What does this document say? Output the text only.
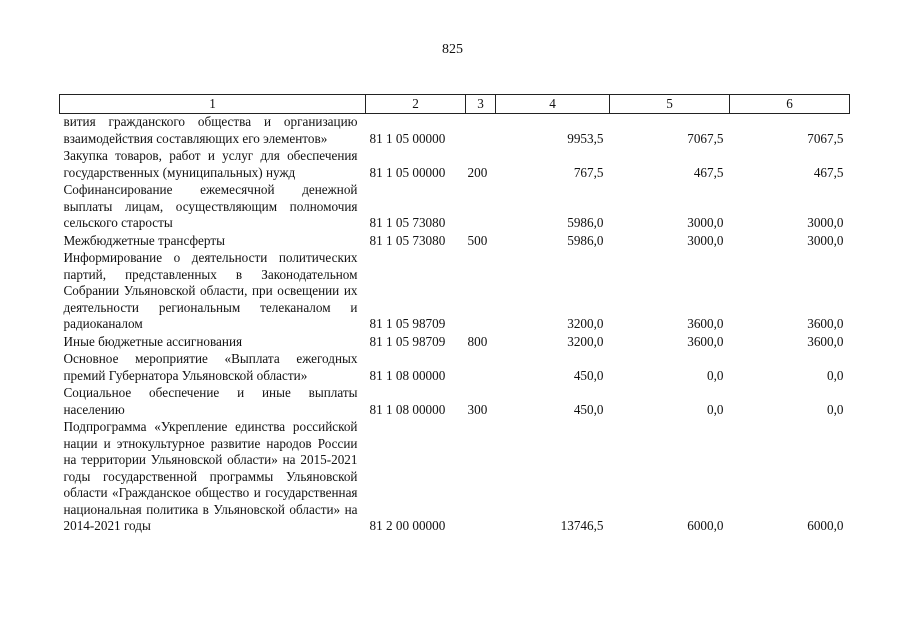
825
1	2	3	4	5	6
вития гражданского общества и организацию взаимодействия составляющих его элементов»	81 1 05 00000		9953,5	7067,5	7067,5
Закупка товаров, работ и услуг для обеспечения государственных (муниципальных) нужд	81 1 05 00000	200	767,5	467,5	467,5
Софинансирование ежемесячной денежной выплаты лицам, осуществляющим полномочия сельского старосты	81 1 05 73080		5986,0	3000,0	3000,0
Межбюджетные трансферты	81 1 05 73080	500	5986,0	3000,0	3000,0
Информирование о деятельности политических партий, представленных в Законодательном Собрании Ульяновской области, при освещении их деятельности региональным телеканалом и радиоканалом	81 1 05 98709		3200,0	3600,0	3600,0
Иные бюджетные ассигнования	81 1 05 98709	800	3200,0	3600,0	3600,0
Основное мероприятие «Выплата ежегодных премий Губернатора Ульяновской области»	81 1 08 00000		450,0	0,0	0,0
Социальное обеспечение и иные выплаты населению	81 1 08 00000	300	450,0	0,0	0,0
Подпрограмма «Укрепление единства российской нации и этнокультурное развитие народов России на территории Ульяновской области» на 2015-2021 годы государственной программы Ульяновской области «Гражданское общество и государственная национальная политика в Ульяновской области» на 2014-2021 годы	81 2 00 00000		13746,5	6000,0	6000,0
